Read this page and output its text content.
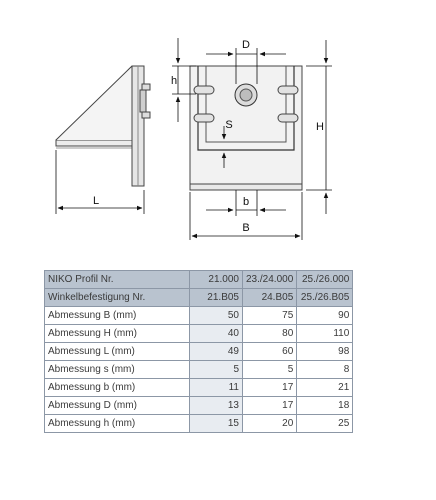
L
D
h
S	H
b
B
NIKO Profil Nr.	21.000	23./24.000	25./26.000
Winkelbefestigung Nr.	21.B05	24.B05	25./26.B05
Abmessung B (mm)	50	75	90
Abmessung H (mm)	40	80	110
Abmessung L (mm)	49	60	98
Abmessung s (mm)	5	5	8
Abmessung b (mm)	11	17	21
Abmessung D (mm)	13	17	18
Abmessung h (mm)	15	20	25
